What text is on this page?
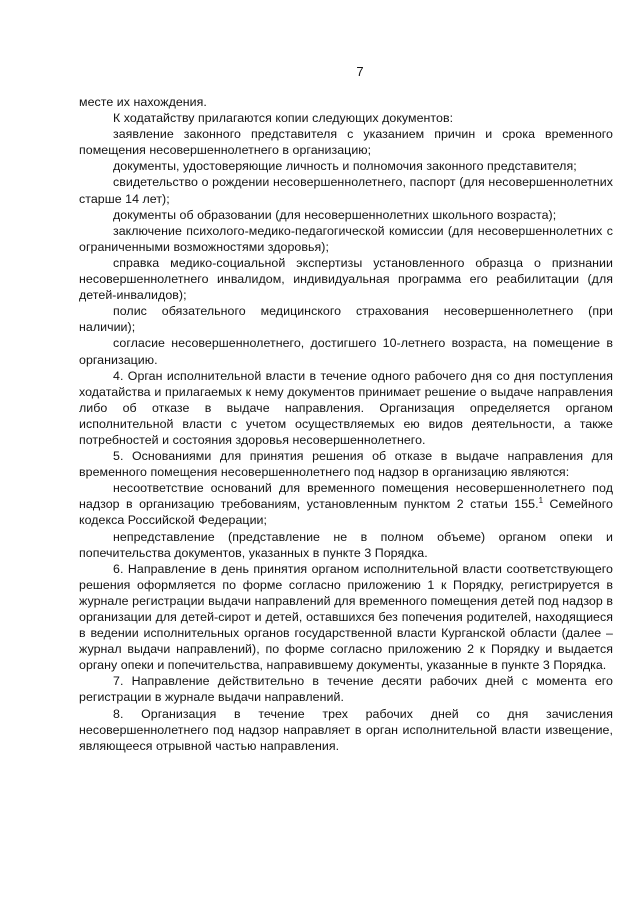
7

месте их нахождения.

К ходатайству прилагаются копии следующих документов:

заявление законного представителя с указанием причин и срока временного помещения несовершеннолетнего в организацию;

документы, удостоверяющие личность и полномочия законного представителя;

свидетельство о рождении несовершеннолетнего, паспорт (для несовершеннолетних старше 14 лет);

документы об образовании (для несовершеннолетних школьного возраста);

заключение психолого-медико-педагогической комиссии (для несовершеннолетних с ограниченными возможностями здоровья);

справка медико-социальной экспертизы установленного образца о признании несовершеннолетнего инвалидом, индивидуальная программа его реабилитации (для детей-инвалидов);

полис обязательного медицинского страхования несовершеннолетнего (при наличии);

согласие несовершеннолетнего, достигшего 10-летнего возраста, на помещение в организацию.

4. Орган исполнительной власти в течение одного рабочего дня со дня поступления ходатайства и прилагаемых к нему документов принимает решение о выдаче направления либо об отказе в выдаче направления. Организация определяется органом исполнительной власти с учетом осуществляемых ею видов деятельности, а также потребностей и состояния здоровья несовершеннолетнего.

5. Основаниями для принятия решения об отказе в выдаче направления для временного помещения несовершеннолетнего под надзор в организацию являются:

несоответствие оснований для временного помещения несовершеннолетнего под надзор в организацию требованиям, установленным пунктом 2 статьи 155.$^1$ Семейного кодекса Российской Федерации;

непредставление (представление не в полном объеме) органом опеки и попечительства документов, указанных в пункте 3 Порядка.

6. Направление в день принятия органом исполнительной власти соответствующего решения оформляется по форме согласно приложению 1 к Порядку, регистрируется в журнале регистрации выдачи направлений для временного помещения детей под надзор в организации для детей-сирот и детей, оставшихся без попечения родителей, находящиеся в ведении исполнительных органов государственной власти Курганской области (далее – журнал выдачи направлений), по форме согласно приложению 2 к Порядку и выдается органу опеки и попечительства, направившему документы, указанные в пункте 3 Порядка.

7. Направление действительно в течение десяти рабочих дней с момента его регистрации в журнале выдачи направлений.

8. Организация в течение трех рабочих дней со дня зачисления несовершеннолетнего под надзор направляет в орган исполнительной власти извещение, являющееся отрывной частью направления.
